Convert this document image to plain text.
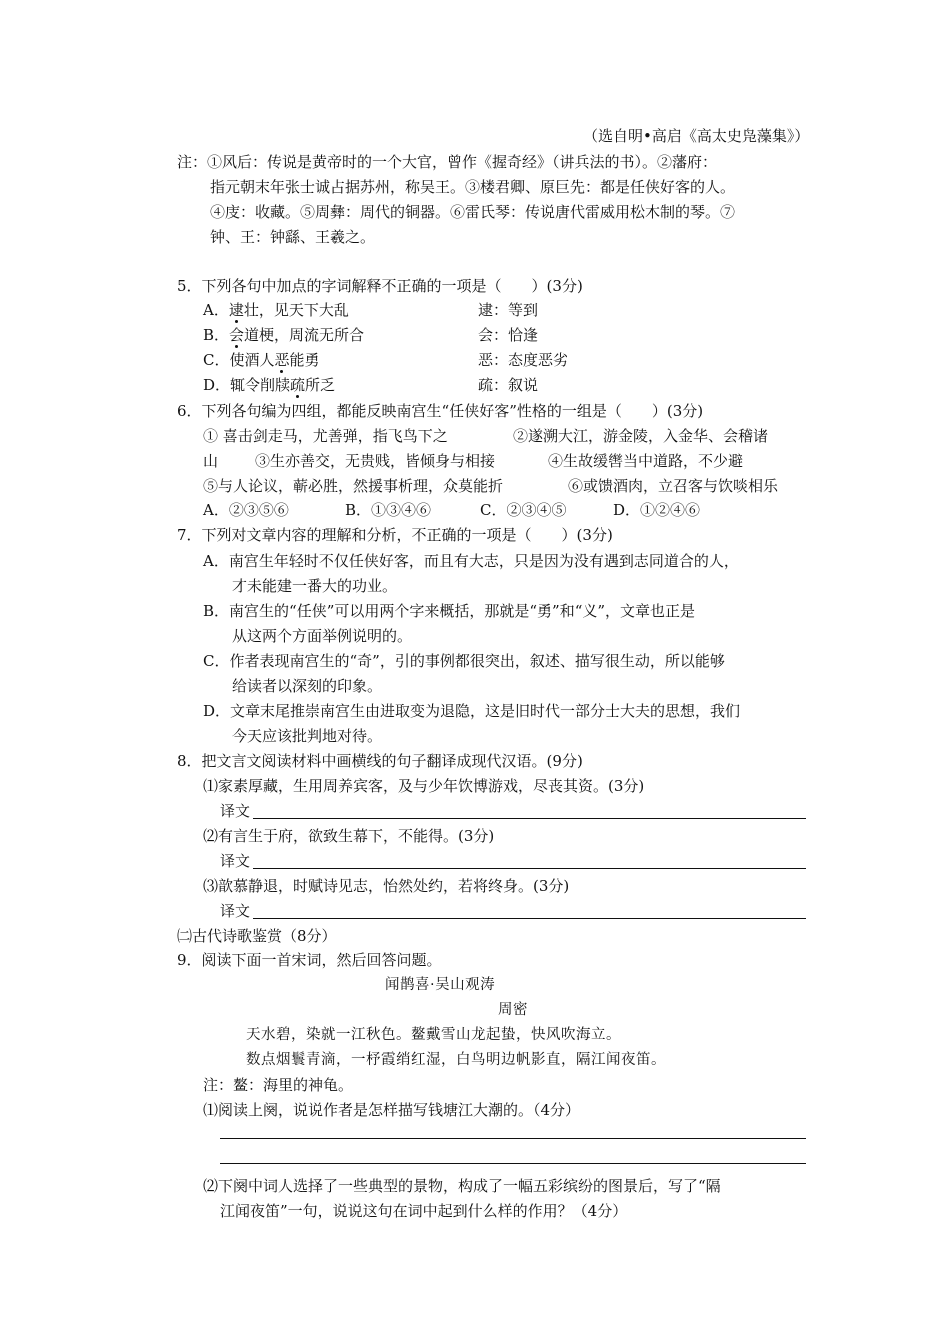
（选自明•高启《高太史凫藻集》）
注：①风后：传说是黄帝时的一个大官，曾作《握奇经》（讲兵法的书）。②藩府：
指元朝末年张士诚占据苏州，称吴王。③楼君卿、原巨先：都是任侠好客的人。
④庋：收藏。⑤周彝：周代的铜器。⑥雷氏琴：传说唐代雷威用松木制的琴。⑦
钟、王：钟繇、王羲之。
5．下列各句中加点的字词解释不正确的一项是（　　）(3分)
A．逮壮，见天下大乱	逮：等到
B．会道梗，周流无所合	会：恰逢
C．使酒人恶能勇	恶：态度恶劣
D．辄令削牍疏所乏	疏：叙说
6．下列各句编为四组，都能反映南宫生“任侠好客”性格的一组是（　　）(3分)
① 喜击剑走马，尤善弹，指飞鸟下之	②遂溯大江，游金陵，入金华、会稽诸
山 ③生亦善交，无贵贱，皆倾身与相接	④生故缓辔当中道路，不少避
⑤与人论议，蕲必胜，然援事析理，众莫能折	⑥或馈酒肉，立召客与饮啖相乐
A．②③⑤⑥	B．①③④⑥	C．②③④⑤	D．①②④⑥
7．下列对文章内容的理解和分析，不正确的一项是（　　）(3分)
A．南宫生年轻时不仅任侠好客，而且有大志，只是因为没有遇到志同道合的人，
才未能建一番大的功业。
B．南宫生的“任侠”可以用两个字来概括，那就是“勇”和“义”，文章也正是
从这两个方面举例说明的。
C．作者表现南宫生的“奇”，引的事例都很突出，叙述、描写很生动，所以能够
给读者以深刻的印象。
D．文章末尾推崇南宫生由进取变为退隐，这是旧时代一部分士大夫的思想，我们
今天应该批判地对待。
8．把文言文阅读材料中画横线的句子翻译成现代汉语。(9分)
⑴家素厚藏，生用周养宾客，及与少年饮博游戏，尽丧其资。(3分)
译文
⑵有言生于府，欲致生幕下，不能得。(3分)
译文
⑶歆慕静退，时赋诗见志，怡然处约，若将终身。(3分)
译文
㈡古代诗歌鉴赏（8分）
9．阅读下面一首宋词，然后回答问题。
闻鹊喜·吴山观涛
周密
天水碧，染就一江秋色。鳌戴雪山龙起蛰，快风吹海立。
数点烟鬟青滴，一杼霞绡红湿，白鸟明边帆影直，隔江闻夜笛。
注：鳌：海里的神龟。
⑴阅读上阕，说说作者是怎样描写钱塘江大潮的。（4分）
⑵下阕中词人选择了一些典型的景物，构成了一幅五彩缤纷的图景后，写了“隔
江闻夜笛”一句，说说这句在词中起到什么样的作用？（4分）
